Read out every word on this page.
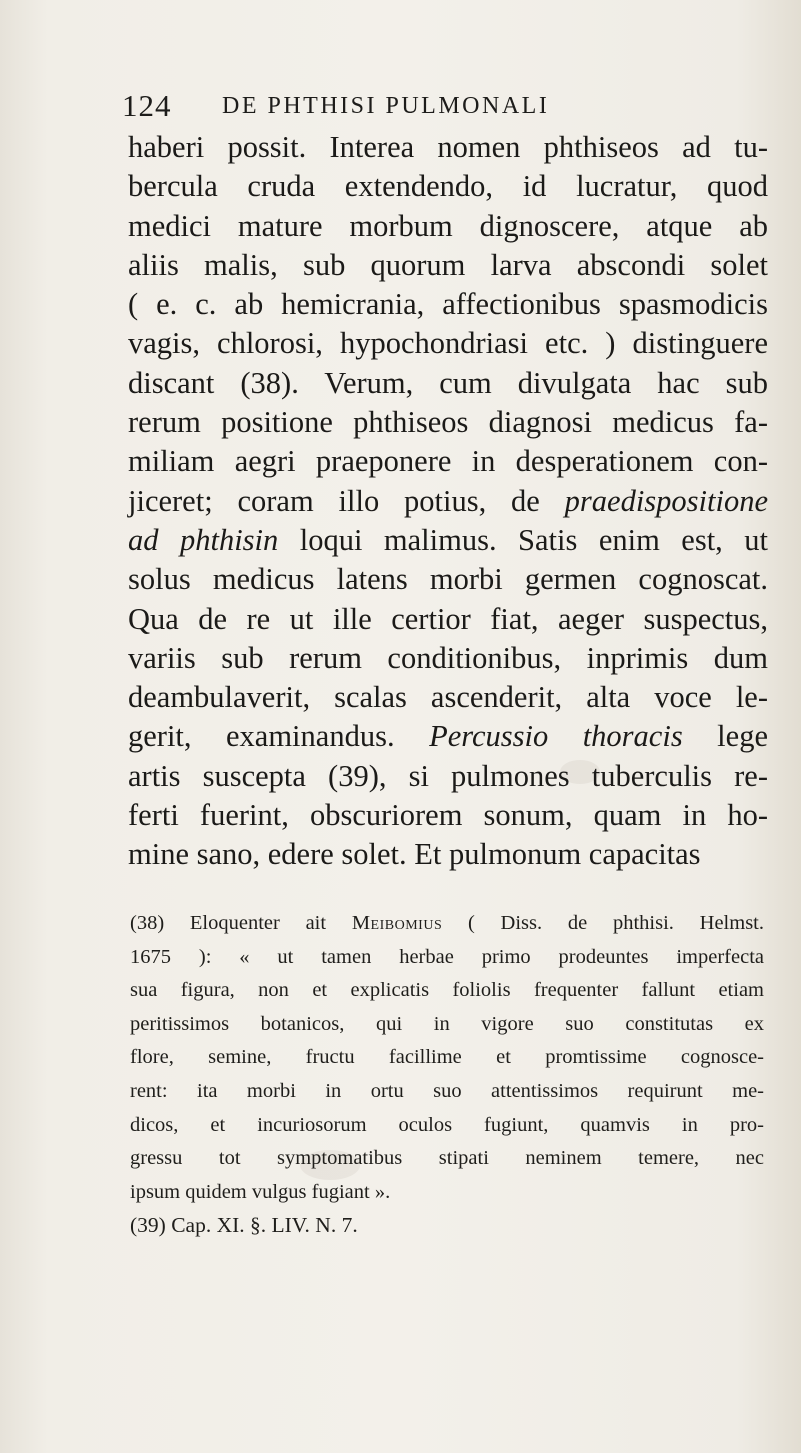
124 DE PHTHISI PULMONALI
haberi possit. Interea nomen phthiseos ad tu-
bercula cruda extendendo, id lucratur, quod
medici mature morbum dignoscere, atque ab
aliis malis, sub quorum larva abscondi solet
( e. c. ab hemicrania, affectionibus spasmodicis
vagis, chlorosi, hypochondriasi etc. ) distinguere
discant (38). Verum, cum divulgata hac sub
rerum positione phthiseos diagnosi medicus fa-
miliam aegri praeponere in desperationem con-
jiceret; coram illo potius, de praedispositione
ad phthisin loqui malimus. Satis enim est, ut
solus medicus latens morbi germen cognoscat.
Qua de re ut ille certior fiat, aeger suspectus,
variis sub rerum conditionibus, inprimis dum
deambulaverit, scalas ascenderit, alta voce le-
gerit, examinandus. Percussio thoracis lege
artis suscepta (39), si pulmones tuberculis re-
ferti fuerint, obscuriorem sonum, quam in ho-
mine sano, edere solet. Et pulmonum capacitas
(38) Eloquenter ait Meibomius ( Diss. de phthisi. Helmst.
1675 ): « ut tamen herbae primo prodeuntes imperfecta
sua figura, non et explicatis foliolis frequenter fallunt etiam
peritissimos botanicos, qui in vigore suo constitutas ex
flore, semine, fructu facillime et promtissime cognosce-
rent: ita morbi in ortu suo attentissimos requirunt me-
dicos, et incuriosorum oculos fugiunt, quamvis in pro-
gressu tot symptomatibus stipati neminem temere, nec
ipsum quidem vulgus fugiant ».
(39) Cap. XI. §. LIV. N. 7.
